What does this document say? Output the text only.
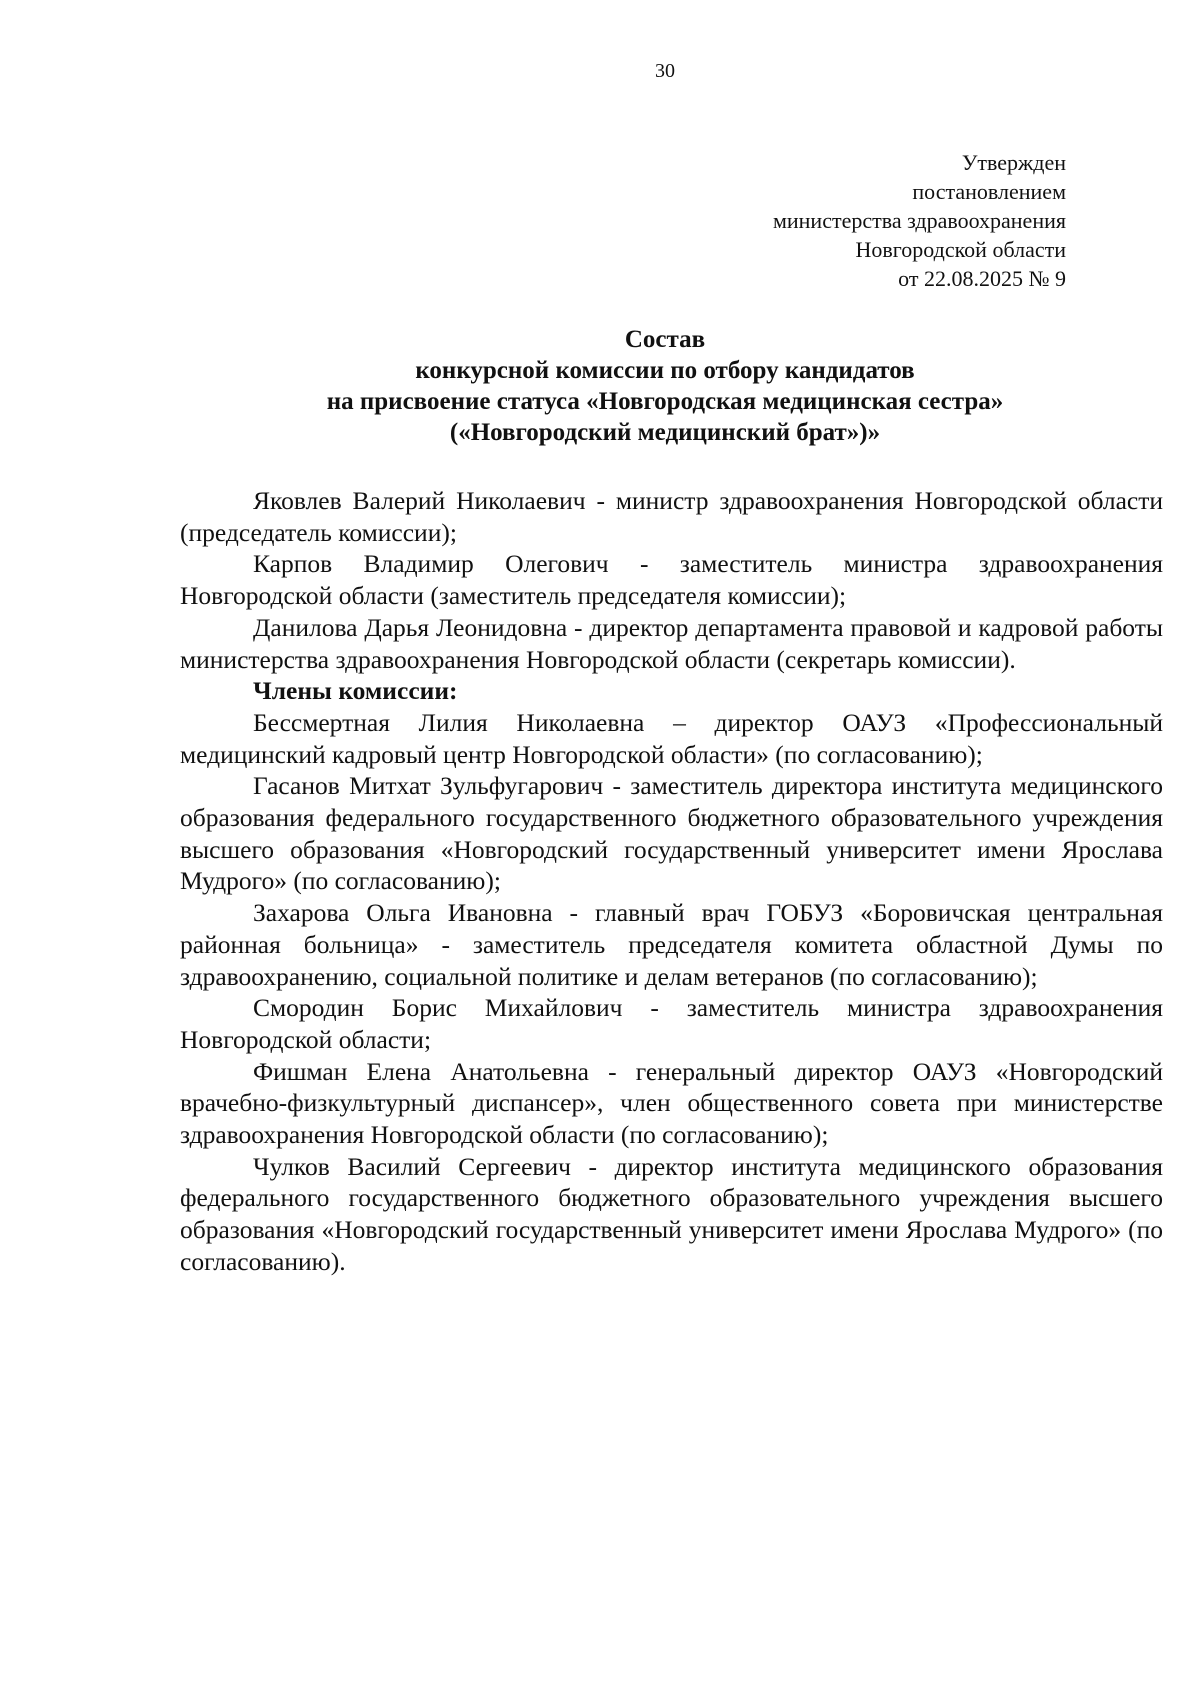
30
Утвержден
постановлением
министерства здравоохранения
Новгородской области
от 22.08.2025 № 9
Состав
конкурсной комиссии по отбору кандидатов
на присвоение статуса «Новгородская медицинская сестра»
(«Новгородский медицинский брат»)»

Яковлев Валерий Николаевич - министр здравоохранения Новгородской области (председатель комиссии);

Карпов Владимир Олегович - заместитель министра здравоохранения Новгородской области (заместитель председателя комиссии);

Данилова Дарья Леонидовна - директор департамента правовой и кадровой работы министерства здравоохранения Новгородской области (секретарь комиссии).

Члены комиссии:

Бессмертная Лилия Николаевна – директор ОАУЗ «Профессиональный медицинский кадровый центр Новгородской области» (по согласованию);

Гасанов Митхат Зульфугарович - заместитель директора института медицинского образования федерального государственного бюджетного образовательного учреждения высшего образования «Новгородский государственный университет имени Ярослава Мудрого» (по согласованию);

Захарова Ольга Ивановна - главный врач ГОБУЗ «Боровичская центральная районная больница» - заместитель председателя комитета областной Думы по здравоохранению, социальной политике и делам ветеранов (по согласованию);

Смородин Борис Михайлович - заместитель министра здравоохранения Новгородской области;

Фишман Елена Анатольевна - генеральный директор ОАУЗ «Новгородский врачебно-физкультурный диспансер», член общественного совета при министерстве здравоохранения Новгородской области (по согласованию);

Чулков Василий Сергеевич - директор института медицинского образования федерального государственного бюджетного образовательного учреждения высшего образования «Новгородский государственный университет имени Ярослава Мудрого» (по согласованию).
